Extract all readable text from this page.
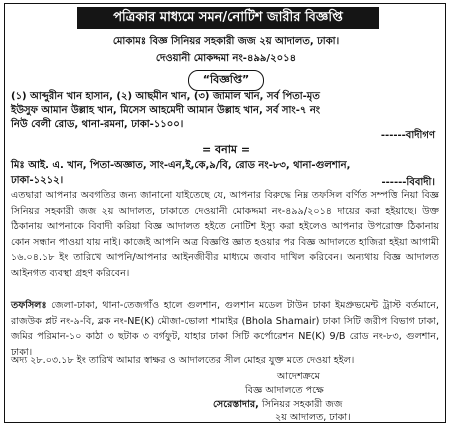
পত্রিকার মাধ্যমে সমন/নোটিশ জারীর বিজ্ঞপ্তি
মোকামঃ বিজ্ঞ সিনিয়র সহকারী জজ ২য় আদালত, ঢাকা।
দেওয়ানী মোকদ্দমা নং-৪৯৯/২০১৪
“বিজ্ঞপ্তি”
(১) আব্দুরীন খান হাসান, (২) আছমীন খান, (৩) জামাল খান, সর্ব পিতা-মৃত
ইউসুফ আমান উল্লাহ খান, মিসেস আহমেদী আমান উল্লাহ খান, সর্ব সাং-৭ নং
নিউ বেলী রোড, থানা-রমনা, ঢাকা-১১০০।
------বাদীগণ
= বনাম =
মিঃ আই. এ. খান, পিতা-অজ্ঞাত, সাং-এন,ই,কে,৯/বি, রোড নং-৮৩, থানা-গুলশান,
ঢাকা-১২১২।	------বিবাদী।
এতদ্বারা আপনার অবগতির জন্য জানানো যাইতেছে যে, আপনার বিরুদ্ধে নিম্ন তফসিল বর্ণিত সম্পত্তি নিয়া বিজ্ঞ সিনিয়র সহকারী জজ ২য় আদালত, ঢাকাতে দেওয়ানী মোকদ্দমা নং-৪৯৯/২০১৪ দায়ের করা হইয়াছে। উক্ত ঠিকানায় আপনাকে বিবাদী করিয়া বিজ্ঞ আদালত হইতে নোটিশ ইস্যু করা হইলেও আপনার উপরোক্ত ঠিকানায় কোন সন্ধান পাওয়া যায় নাই। কাজেই আপনি অত্র বিজ্ঞপ্তি জ্ঞাত হওয়ার পর বিজ্ঞ আদালতে হাজিরা হইয়া আগামী ১৬.০৪.১৮ ইং তারিখে আপনি/আপনার আইনজীবীর মাধ্যমে জবাব দাখিল করিবেন। অন্যথায় বিজ্ঞ আদালত আইনগত ব্যবস্থা গ্রহণ করিবেন।
তফসিলঃ জেলা-ঢাকা, থানা-তেজগাঁও হালে গুলশান, গুলশান মডেল টাউন ঢাকা ইমপ্রুভমেন্ট ট্রাস্ট বর্তমানে, রাজউক প্লট নং-৯-বি, ব্লক নং-NE(K) মৌজা-ভোলা শামাইর (Bhola Shamair) ঢাকা সিটি জরীপ বিভাগ ঢাকা, জমির পরিমান-১০ কাঠা ৩ ছটাক ৩ বর্গফুট, যাহার ঢাকা সিটি কর্পোরেশন NE(K) 9/B রোড নং-৮৩, গুলশান, ঢাকা।
অদ্য ২৮.০৩.১৮ ইং তারিখ আমার স্বাক্ষর ও আদালতের সীল মোহর যুক্ত মতে দেওয়া হইল।
আদেশক্রমে
বিজ্ঞ আদালতে পক্ষে
সেরেস্তাদার, সিনিয়র সহকারী জজ
২য় আদালত, ঢাকা।
